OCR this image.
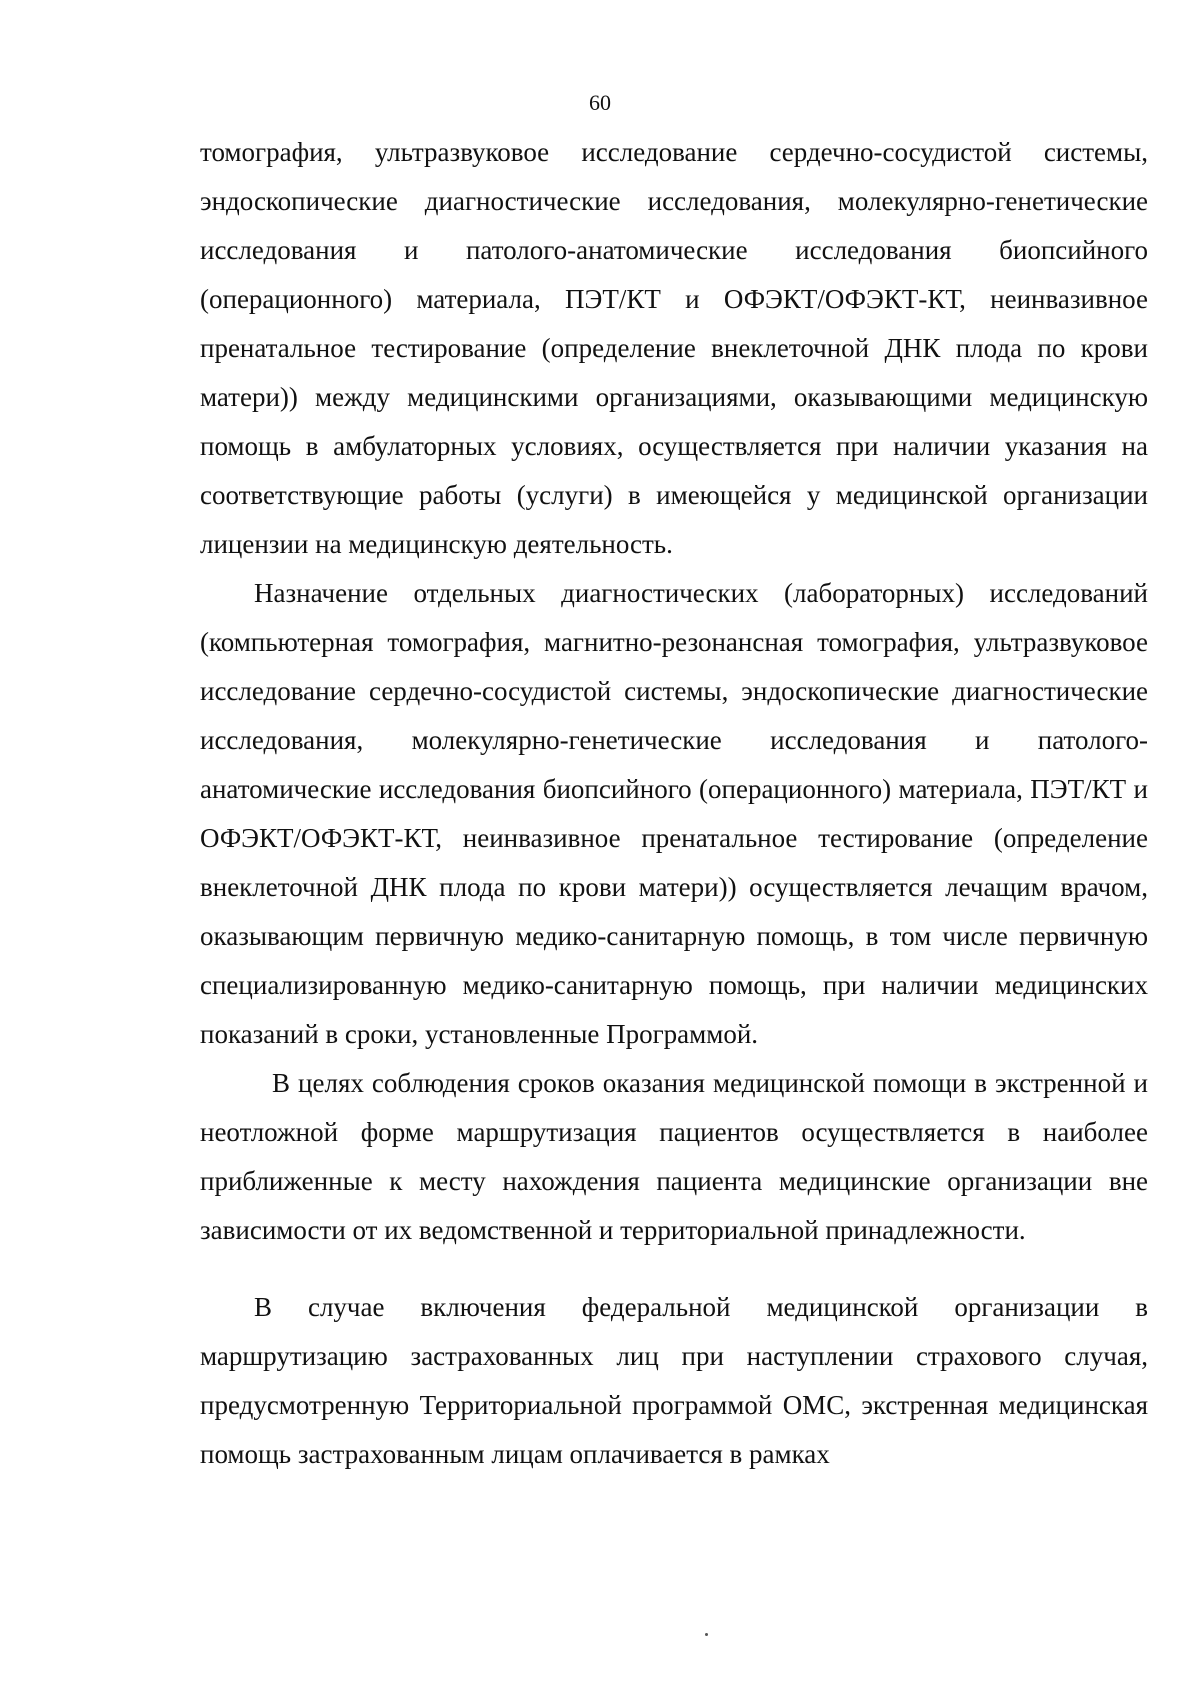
60

томография, ультразвуковое исследование сердечно-сосудистой системы, эндоскопические диагностические исследования, молекулярно-генетические исследования и патолого-анатомические исследования биопсийного (операционного) материала, ПЭТ/КТ и ОФЭКТ/ОФЭКТ-КТ, неинвазивное пренатальное тестирование (определение внеклеточной ДНК плода по крови матери)) между медицинскими организациями, оказывающими медицинскую помощь в амбулаторных условиях, осуществляется при наличии указания на соответствующие работы (услуги) в имеющейся у медицинской организации лицензии на медицинскую деятельность.

Назначение отдельных диагностических (лабораторных) исследований (компьютерная томография, магнитно-резонансная томография, ультразвуковое исследование сердечно-сосудистой системы, эндоскопические диагностические исследования, молекулярно-генетические исследования и патолого-анатомические исследования биопсийного (операционного) материала, ПЭТ/КТ и ОФЭКТ/ОФЭКТ-КТ, неинвазивное пренатальное тестирование (определение внеклеточной ДНК плода по крови матери)) осуществляется лечащим врачом, оказывающим первичную медико-санитарную помощь, в том числе первичную специализированную медико-санитарную помощь, при наличии медицинских показаний в сроки, установленные Программой.

В целях соблюдения сроков оказания медицинской помощи в экстренной и неотложной форме маршрутизация пациентов осуществляется в наиболее приближенные к месту нахождения пациента медицинские организации вне зависимости от их ведомственной и территориальной принадлежности.

В случае включения федеральной медицинской организации в маршрутизацию застрахованных лиц при наступлении страхового случая, предусмотренную Территориальной программой ОМС, экстренная медицинская помощь застрахованным лицам оплачивается в рамках
